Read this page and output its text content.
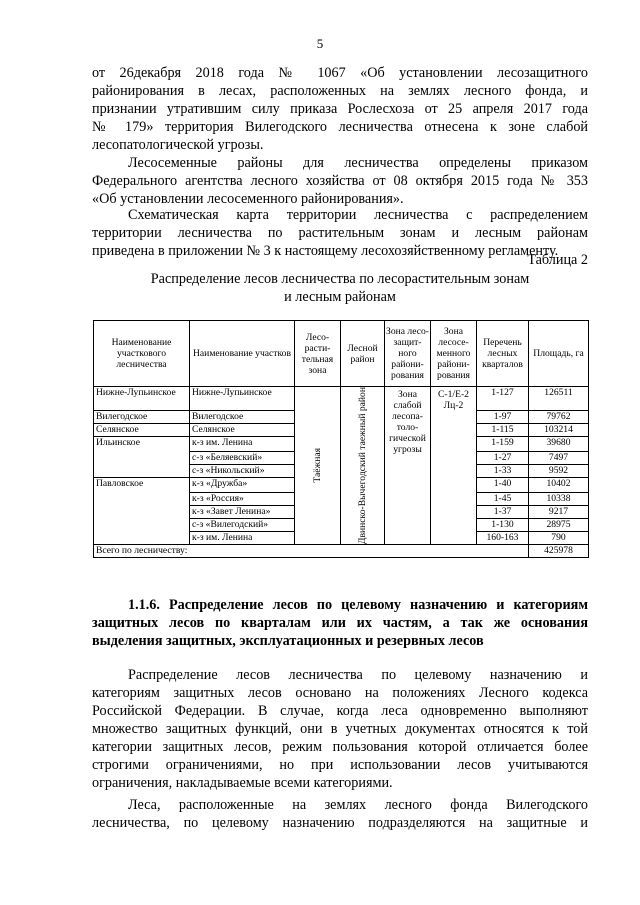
5
от 26декабря 2018 года № 1067 «Об установлении лесозащитного
районирования в лесах, расположенных на землях лесного фонда, и
признании утратившим силу приказа Рослесхоза от 25 апреля 2017 года
№ 179» территория Вилегодского лесничества отнесена к зоне слабой
лесопатологической угрозы.
Лесосеменные районы для лесничества определены приказом
Федерального агентства лесного хозяйства от 08 октября 2015 года № 353
«Об установлении лесосеменного районирования».
Схематическая карта территории лесничества с распределением
территории лесничества по растительным зонам и лесным районам
приведена в приложении № 3 к настоящему лесохозяйственному регламенту.
Таблица 2
Распределение лесов лесничества по лесорастительным зонам
и лесным районам
Наименование участкового лесничества	Наименование участков	Лесо-расти-тельная зона	Лесной район	Зона лесо-защит-ного райони-рования	Зона лесосе-менного райони-рования	Перечень лесных кварталов	Площадь, га
Нижне-Лупьинское	Нижне-Лупьинское	Таёжная	Двинско-Вычегодский таежный район	Зона слабой лесопа-толо-гической угрозы	С-1/Е-2 Лц-2	1-127	126511
Вилегодское	Вилегодское					1-97	79762
Селянское	Селянское					1-115	103214
Ильинское	к-з им. Ленина					1-159	39680
	с-з «Беляевский»					1-27	7497
	с-з «Никольский»					1-33	9592
Павловское	к-з «Дружба»					1-40	10402
	к-з «Россия»					1-45	10338
	к-з «Завет Ленина»					1-37	9217
	с-з «Вилегодский»					1-130	28975
	к-з им. Ленина					160-163	790
Всего по лесничеству:							425978
1.1.6. Распределение лесов по целевому назначению и категориям
защитных лесов по кварталам или их частям, а так же основания
выделения защитных, эксплуатационных и резервных лесов
Распределение лесов лесничества по целевому назначению и
категориям защитных лесов основано на положениях Лесного кодекса
Российской Федерации. В случае, когда леса одновременно выполняют
множество защитных функций, они в учетных документах относятся к той
категории защитных лесов, режим пользования которой отличается более
строгими ограничениями, но при использовании лесов учитываются
ограничения, накладываемые всеми категориями.
Леса, расположенные на землях лесного фонда Вилегодского
лесничества, по целевому назначению подразделяются на защитные и
